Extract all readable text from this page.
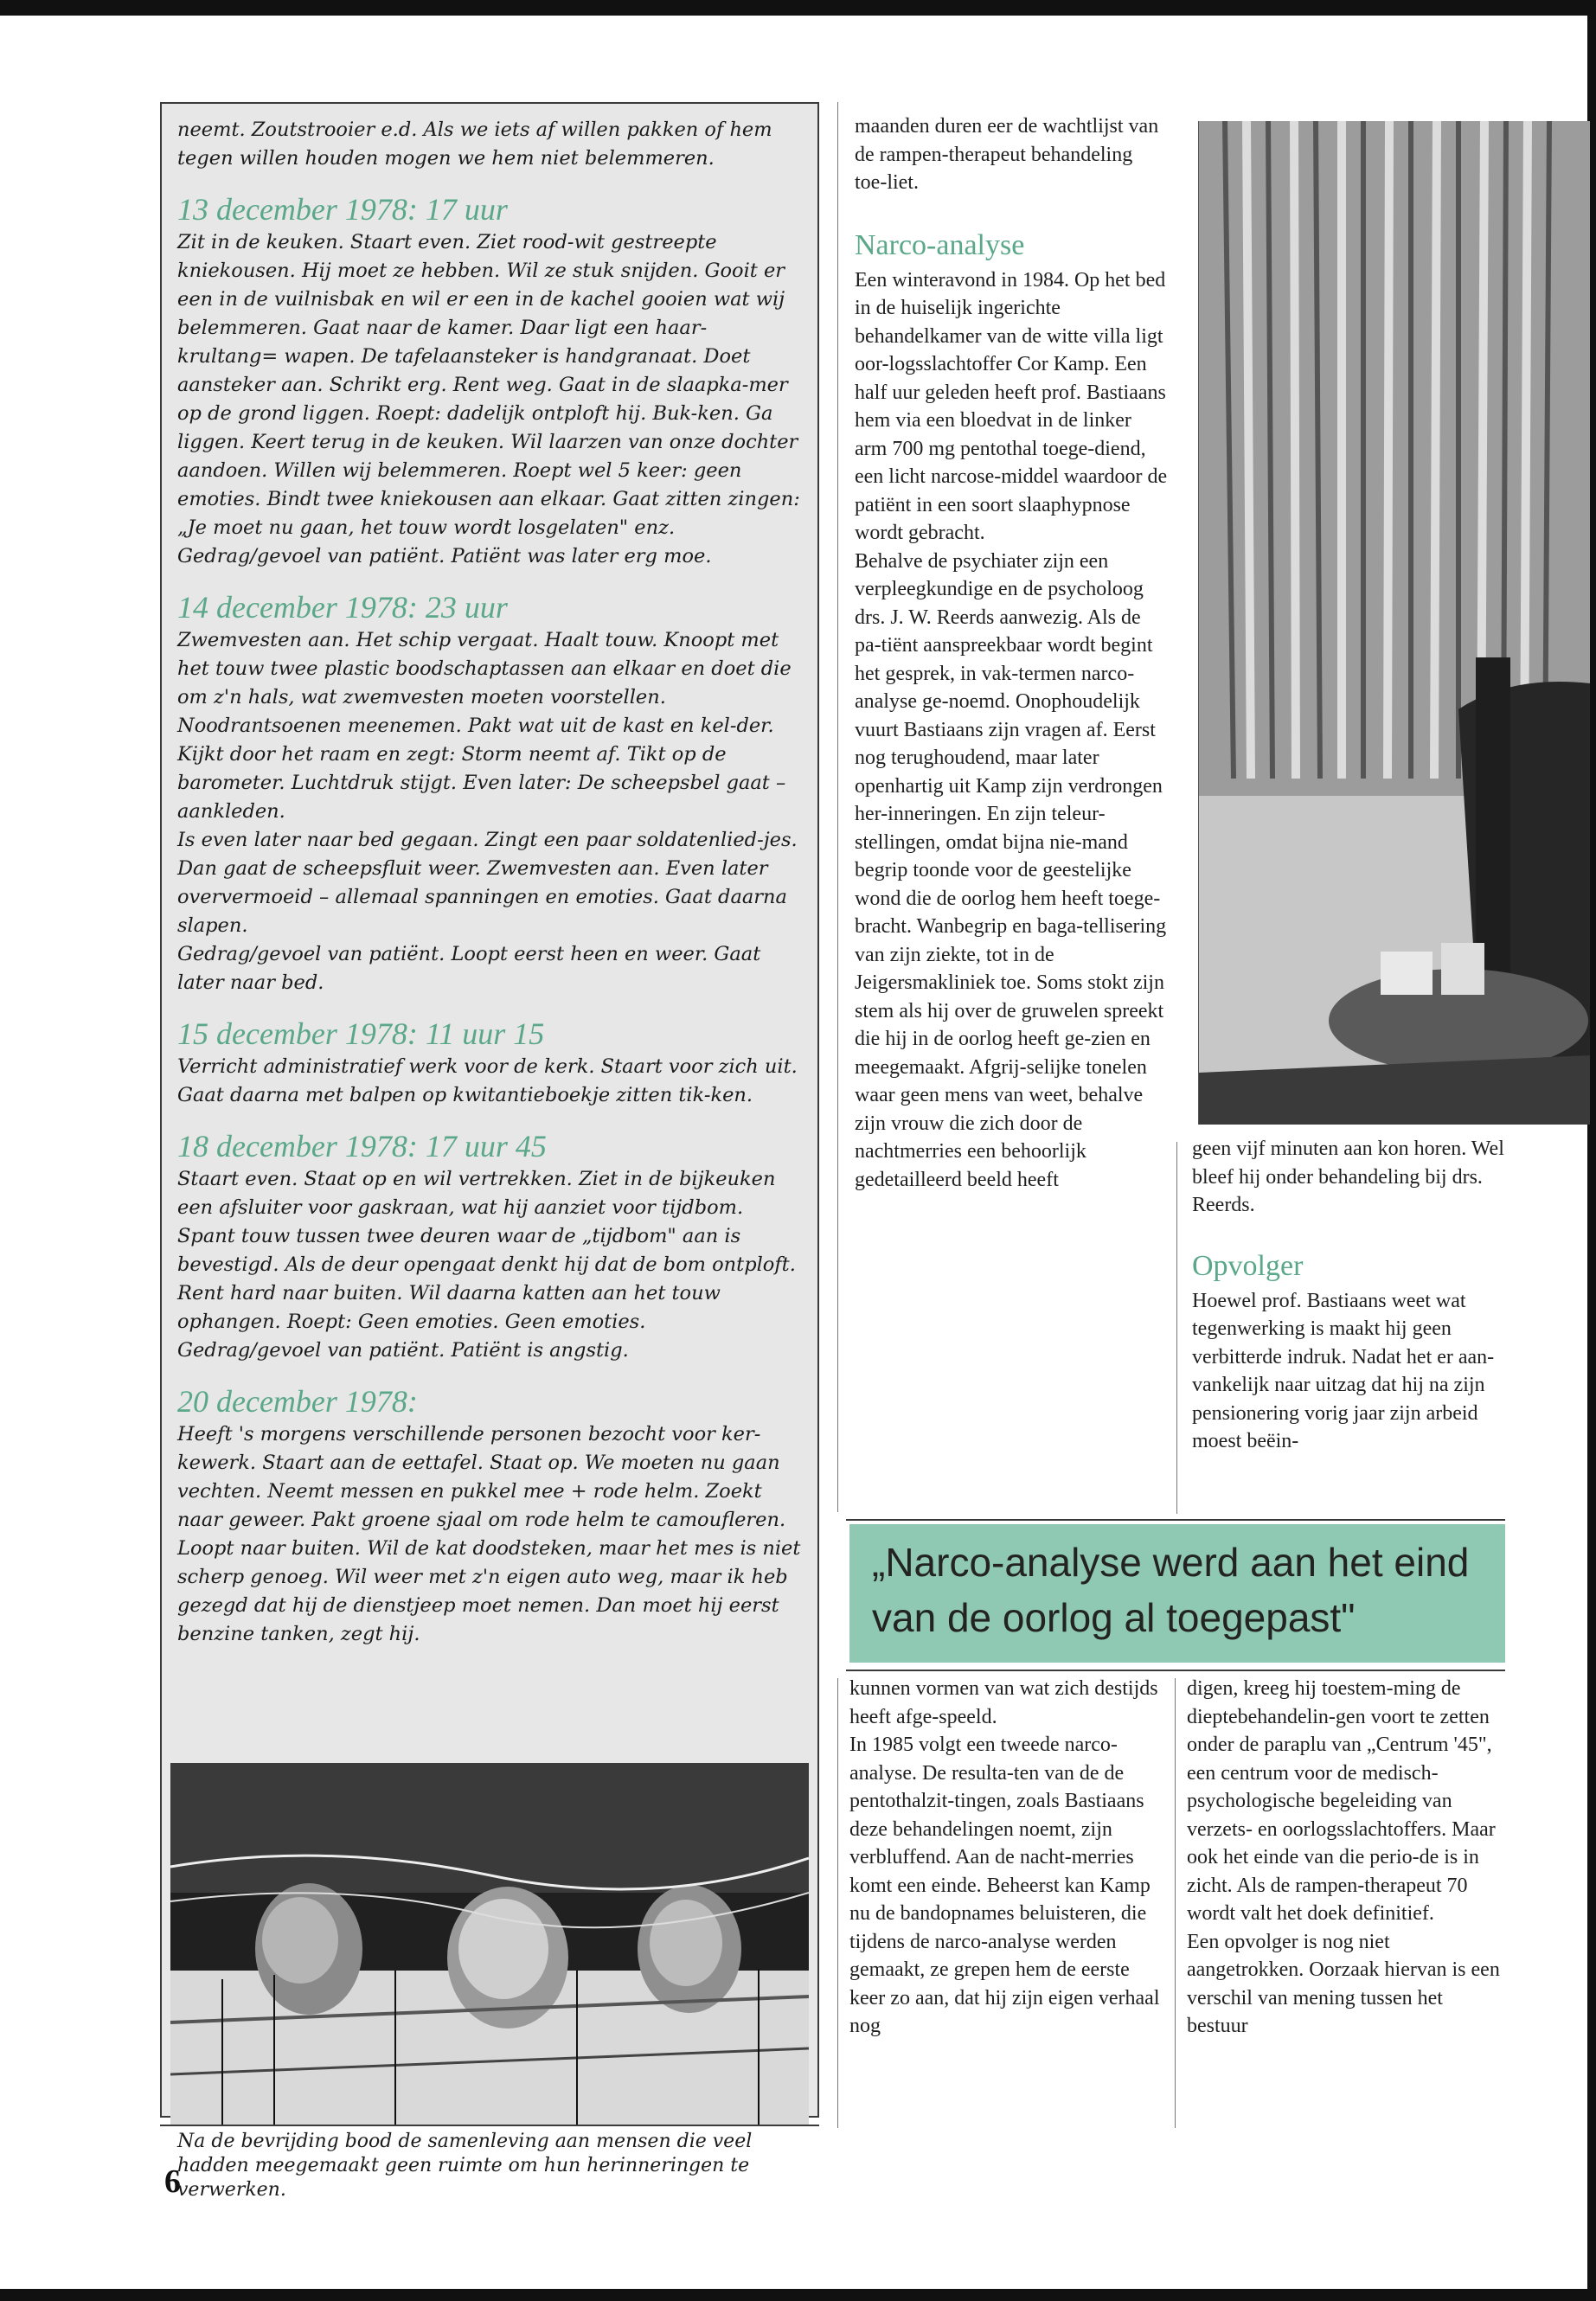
neemt. Zoutstrooier e.d. Als we iets af willen pakken of hem tegen willen houden mogen we hem niet belemmeren.

13 december 1978: 17 uur

Zit in de keuken. Staart even. Ziet rood-wit gestreepte kniekousen. Hij moet ze hebben. Wil ze stuk snijden. Gooit er een in de vuilnisbak en wil er een in de kachel gooien wat wij belemmeren. Gaat naar de kamer. Daar ligt een haar-krultang= wapen. De tafelaansteker is handgranaat. Doet aansteker aan. Schrikt erg. Rent weg. Gaat in de slaapka-mer op de grond liggen. Roept: dadelijk ontploft hij. Buk-ken. Ga liggen. Keert terug in de keuken. Wil laarzen van onze dochter aandoen. Willen wij belemmeren. Roept wel 5 keer: geen emoties. Bindt twee kniekousen aan elkaar. Gaat zitten zingen: „Je moet nu gaan, het touw wordt losgelaten" enz.

Gedrag/gevoel van patiënt. Patiënt was later erg moe.

14 december 1978: 23 uur

Zwemvesten aan. Het schip vergaat. Haalt touw. Knoopt met het touw twee plastic boodschaptassen aan elkaar en doet die om z'n hals, wat zwemvesten moeten voorstellen. Noodrantsoenen meenemen. Pakt wat uit de kast en kel-der. Kijkt door het raam en zegt: Storm neemt af. Tikt op de barometer. Luchtdruk stijgt. Even later: De scheepsbel gaat – aankleden.

Is even later naar bed gegaan. Zingt een paar soldatenlied-jes. Dan gaat de scheepsfluit weer. Zwemvesten aan. Even later oververmoeid – allemaal spanningen en emoties. Gaat daarna slapen.

Gedrag/gevoel van patiënt. Loopt eerst heen en weer. Gaat later naar bed.

15 december 1978: 11 uur 15

Verricht administratief werk voor de kerk. Staart voor zich uit. Gaat daarna met balpen op kwitantieboekje zitten tik-ken.

18 december 1978: 17 uur 45

Staart even. Staat op en wil vertrekken. Ziet in de bijkeuken een afsluiter voor gaskraan, wat hij aanziet voor tijdbom. Spant touw tussen twee deuren waar de „tijdbom" aan is bevestigd. Als de deur opengaat denkt hij dat de bom ontploft. Rent hard naar buiten. Wil daarna katten aan het touw ophangen. Roept: Geen emoties. Geen emoties.

Gedrag/gevoel van patiënt. Patiënt is angstig.

20 december 1978:

Heeft 's morgens verschillende personen bezocht voor ker-kewerk. Staart aan de eettafel. Staat op. We moeten nu gaan vechten. Neemt messen en pukkel mee + rode helm. Zoekt naar geweer. Pakt groene sjaal om rode helm te camoufleren. Loopt naar buiten. Wil de kat doodsteken, maar het mes is niet scherp genoeg. Wil weer met z'n eigen auto weg, maar ik heb gezegd dat hij de dienstjeep moet nemen. Dan moet hij eerst benzine tanken, zegt hij.

Na de bevrijding bood de samenleving aan mensen die veel hadden meegemaakt geen ruimte om hun herinneringen te verwerken.

maanden duren eer de wachtlijst van de rampen-therapeut behandeling toe-liet.

Narco-analyse

Een winteravond in 1984. Op het bed in de huiselijk ingerichte behandelkamer van de witte villa ligt oor-logsslachtoffer Cor Kamp. Een half uur geleden heeft prof. Bastiaans hem via een bloedvat in de linker arm 700 mg pentothal toege-diend, een licht narcose-middel waardoor de patiënt in een soort slaaphypnose wordt gebracht.

Behalve de psychiater zijn een verpleegkundige en de psycholoog drs. J. W. Reerds aanwezig. Als de pa-tiënt aanspreekbaar wordt begint het gesprek, in vak-termen narco-analyse ge-noemd. Onophoudelijk vuurt Bastiaans zijn vragen af. Eerst nog terughoudend, maar later openhartig uit Kamp zijn verdrongen her-inneringen. En zijn teleur-stellingen, omdat bijna nie-mand begrip toonde voor de geestelijke wond die de oorlog hem heeft toege-bracht. Wanbegrip en baga-tellisering van zijn ziekte, tot in de Jeigersmakliniek toe. Soms stokt zijn stem als hij over de gruwelen spreekt die hij in de oorlog heeft ge-zien en meegemaakt. Afgrij-selijke tonelen waar geen mens van weet, behalve zijn vrouw die zich door de nachtmerries een behoorlijk gedetailleerd beeld heeft

geen vijf minuten aan kon horen. Wel bleef hij onder behandeling bij drs. Reerds.

Opvolger

Hoewel prof. Bastiaans weet wat tegenwerking is maakt hij geen verbitterde indruk. Nadat het er aan-vankelijk naar uitzag dat hij na zijn pensionering vorig jaar zijn arbeid moest beëin-

„Narco-analyse werd aan het eind van de oorlog al toegepast"

kunnen vormen van wat zich destijds heeft afge-speeld.

In 1985 volgt een tweede narco-analyse. De resulta-ten van de de pentothalzit-tingen, zoals Bastiaans deze behandelingen noemt, zijn verbluffend. Aan de nacht-merries komt een einde. Beheerst kan Kamp nu de bandopnames beluisteren, die tijdens de narco-analyse werden gemaakt, ze grepen hem de eerste keer zo aan, dat hij zijn eigen verhaal nog

digen, kreeg hij toestem-ming de dieptebehandelin-gen voort te zetten onder de paraplu van „Centrum '45", een centrum voor de medisch-psychologische begeleiding van verzets- en oorlogsslachtoffers. Maar ook het einde van die perio-de is in zicht. Als de rampen-therapeut 70 wordt valt het doek definitief.

Een opvolger is nog niet aangetrokken. Oorzaak hiervan is een verschil van mening tussen het bestuur

6
